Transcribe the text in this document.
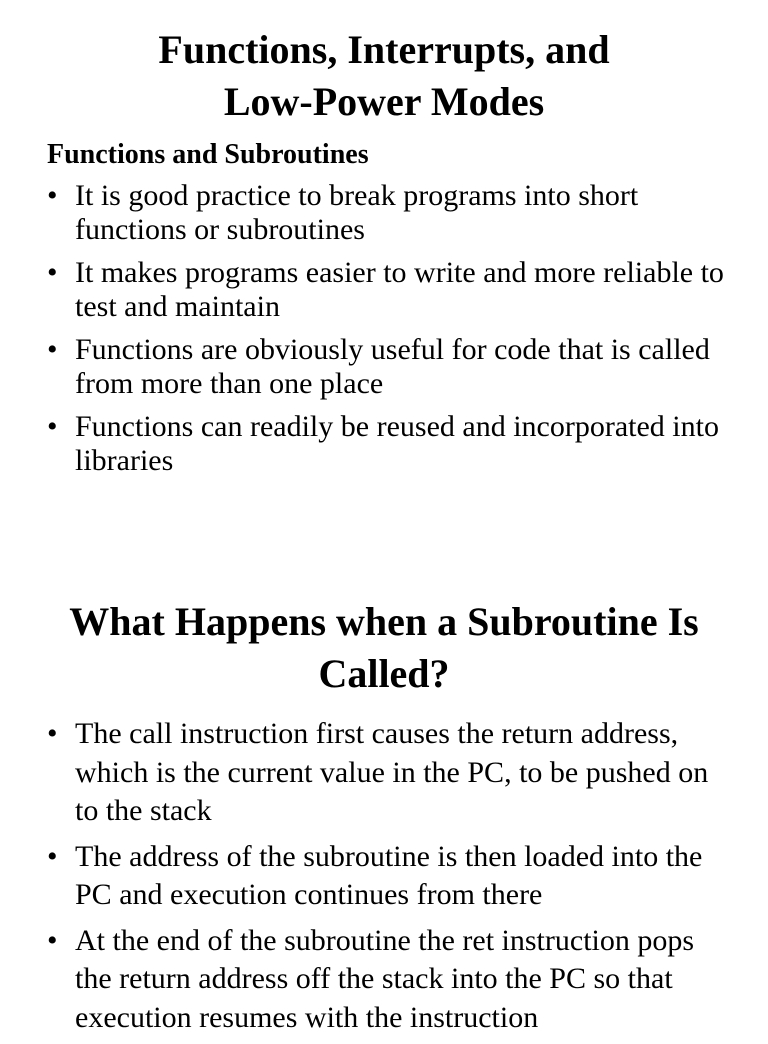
Functions, Interrupts, and
Low-Power Modes
Functions and Subroutines
• It is good practice to break programs into short functions or subroutines
• It makes programs easier to write and more reliable to test and maintain
• Functions are obviously useful for code that is called from more than one place
• Functions can readily be reused and incorporated into libraries
What Happens when a Subroutine Is
Called?
• The call instruction first causes the return address, which is the current value in the PC, to be pushed on to the stack
• The address of the subroutine is then loaded into the PC and execution continues from there
• At the end of the subroutine the ret instruction pops the return address off the stack into the PC so that execution resumes with the instruction
